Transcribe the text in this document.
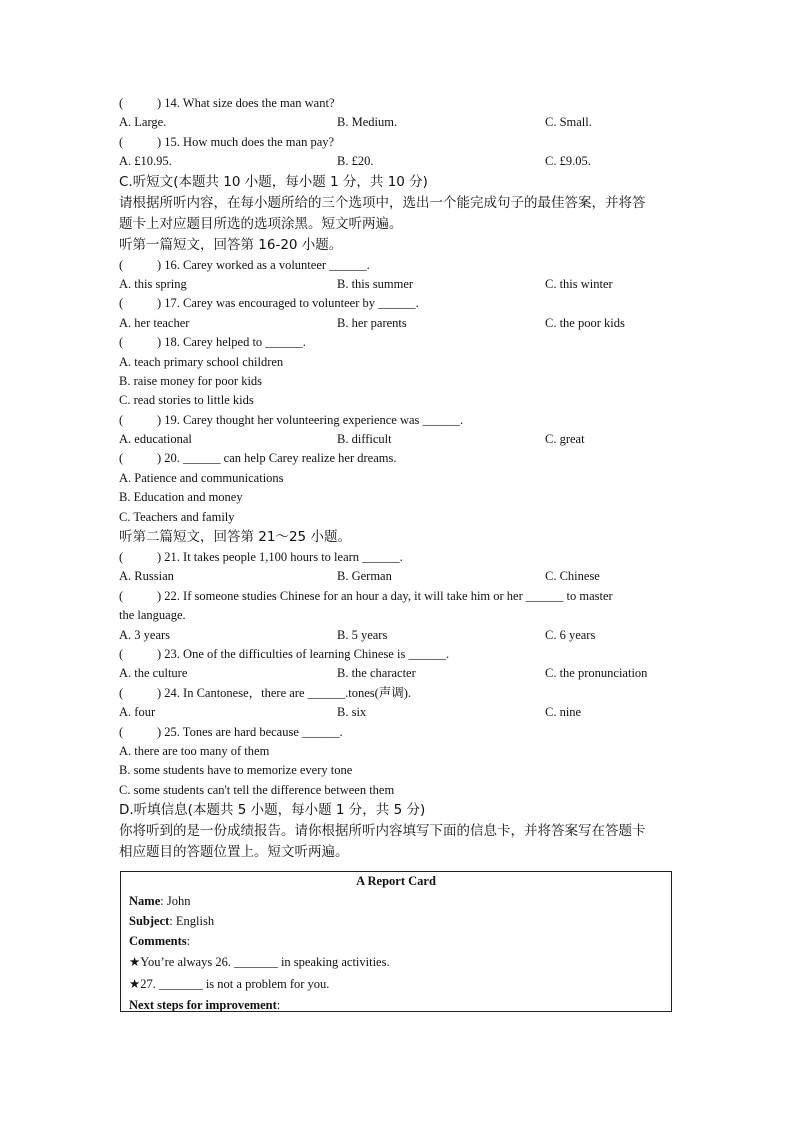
(	) 14. What size does the man want?
A. Large.	B. Medium.	C. Small.
(	) 15. How much does the man pay?
A. £10.95.	B. £20.	C. £9.05.
C.听短文(本题共 10 小题，每小题 1 分，共 10 分)
请根据所听内容，在每小题所给的三个选项中，选出一个能完成句子的最佳答案，并将答
题卡上对应题目所选的选项涂黑。短文听两遍。
听第一篇短文，回答第 16-20 小题。
(	) 16. Carey worked as a volunteer ______.
A. this spring	B. this summer	C. this winter
(	) 17. Carey was encouraged to volunteer by ______.
A. her teacher	B. her parents	C. the poor kids
(	) 18. Carey helped to ______.
A. teach primary school children
B. raise money for poor kids
C. read stories to little kids
(	) 19. Carey thought her volunteering experience was ______.
A. educational	B. difficult	C. great
(	) 20. ______ can help Carey realize her dreams.
A. Patience and communications
B. Education and money
C. Teachers and family
听第二篇短文，回答第 21～25 小题。
(	) 21. It takes people 1,100 hours to learn ______.
A. Russian	B. German	C. Chinese
(	) 22. If someone studies Chinese for an hour a day, it will take him or her ______ to master
the language.
A. 3 years	B. 5 years	C. 6 years
(	) 23. One of the difficulties of learning Chinese is ______.
A. the culture	B. the character	C. the pronunciation
(	) 24. In Cantonese，there are ______.tones(声调).
A. four	B. six	C. nine
(	) 25. Tones are hard because ______.
A. there are too many of them
B. some students have to memorize every tone
C. some students can't tell the difference between them
D.听填信息(本题共 5 小题，每小题 1 分，共 5 分)
你将听到的是一份成绩报告。请你根据所听内容填写下面的信息卡，并将答案写在答题卡
相应题目的答题位置上。短文听两遍。
A Report Card
Name: John
Subject: English
Comments:
★You’re always 26. _______ in speaking activities.
★27. _______ is not a problem for you.
Next steps for improvement:
